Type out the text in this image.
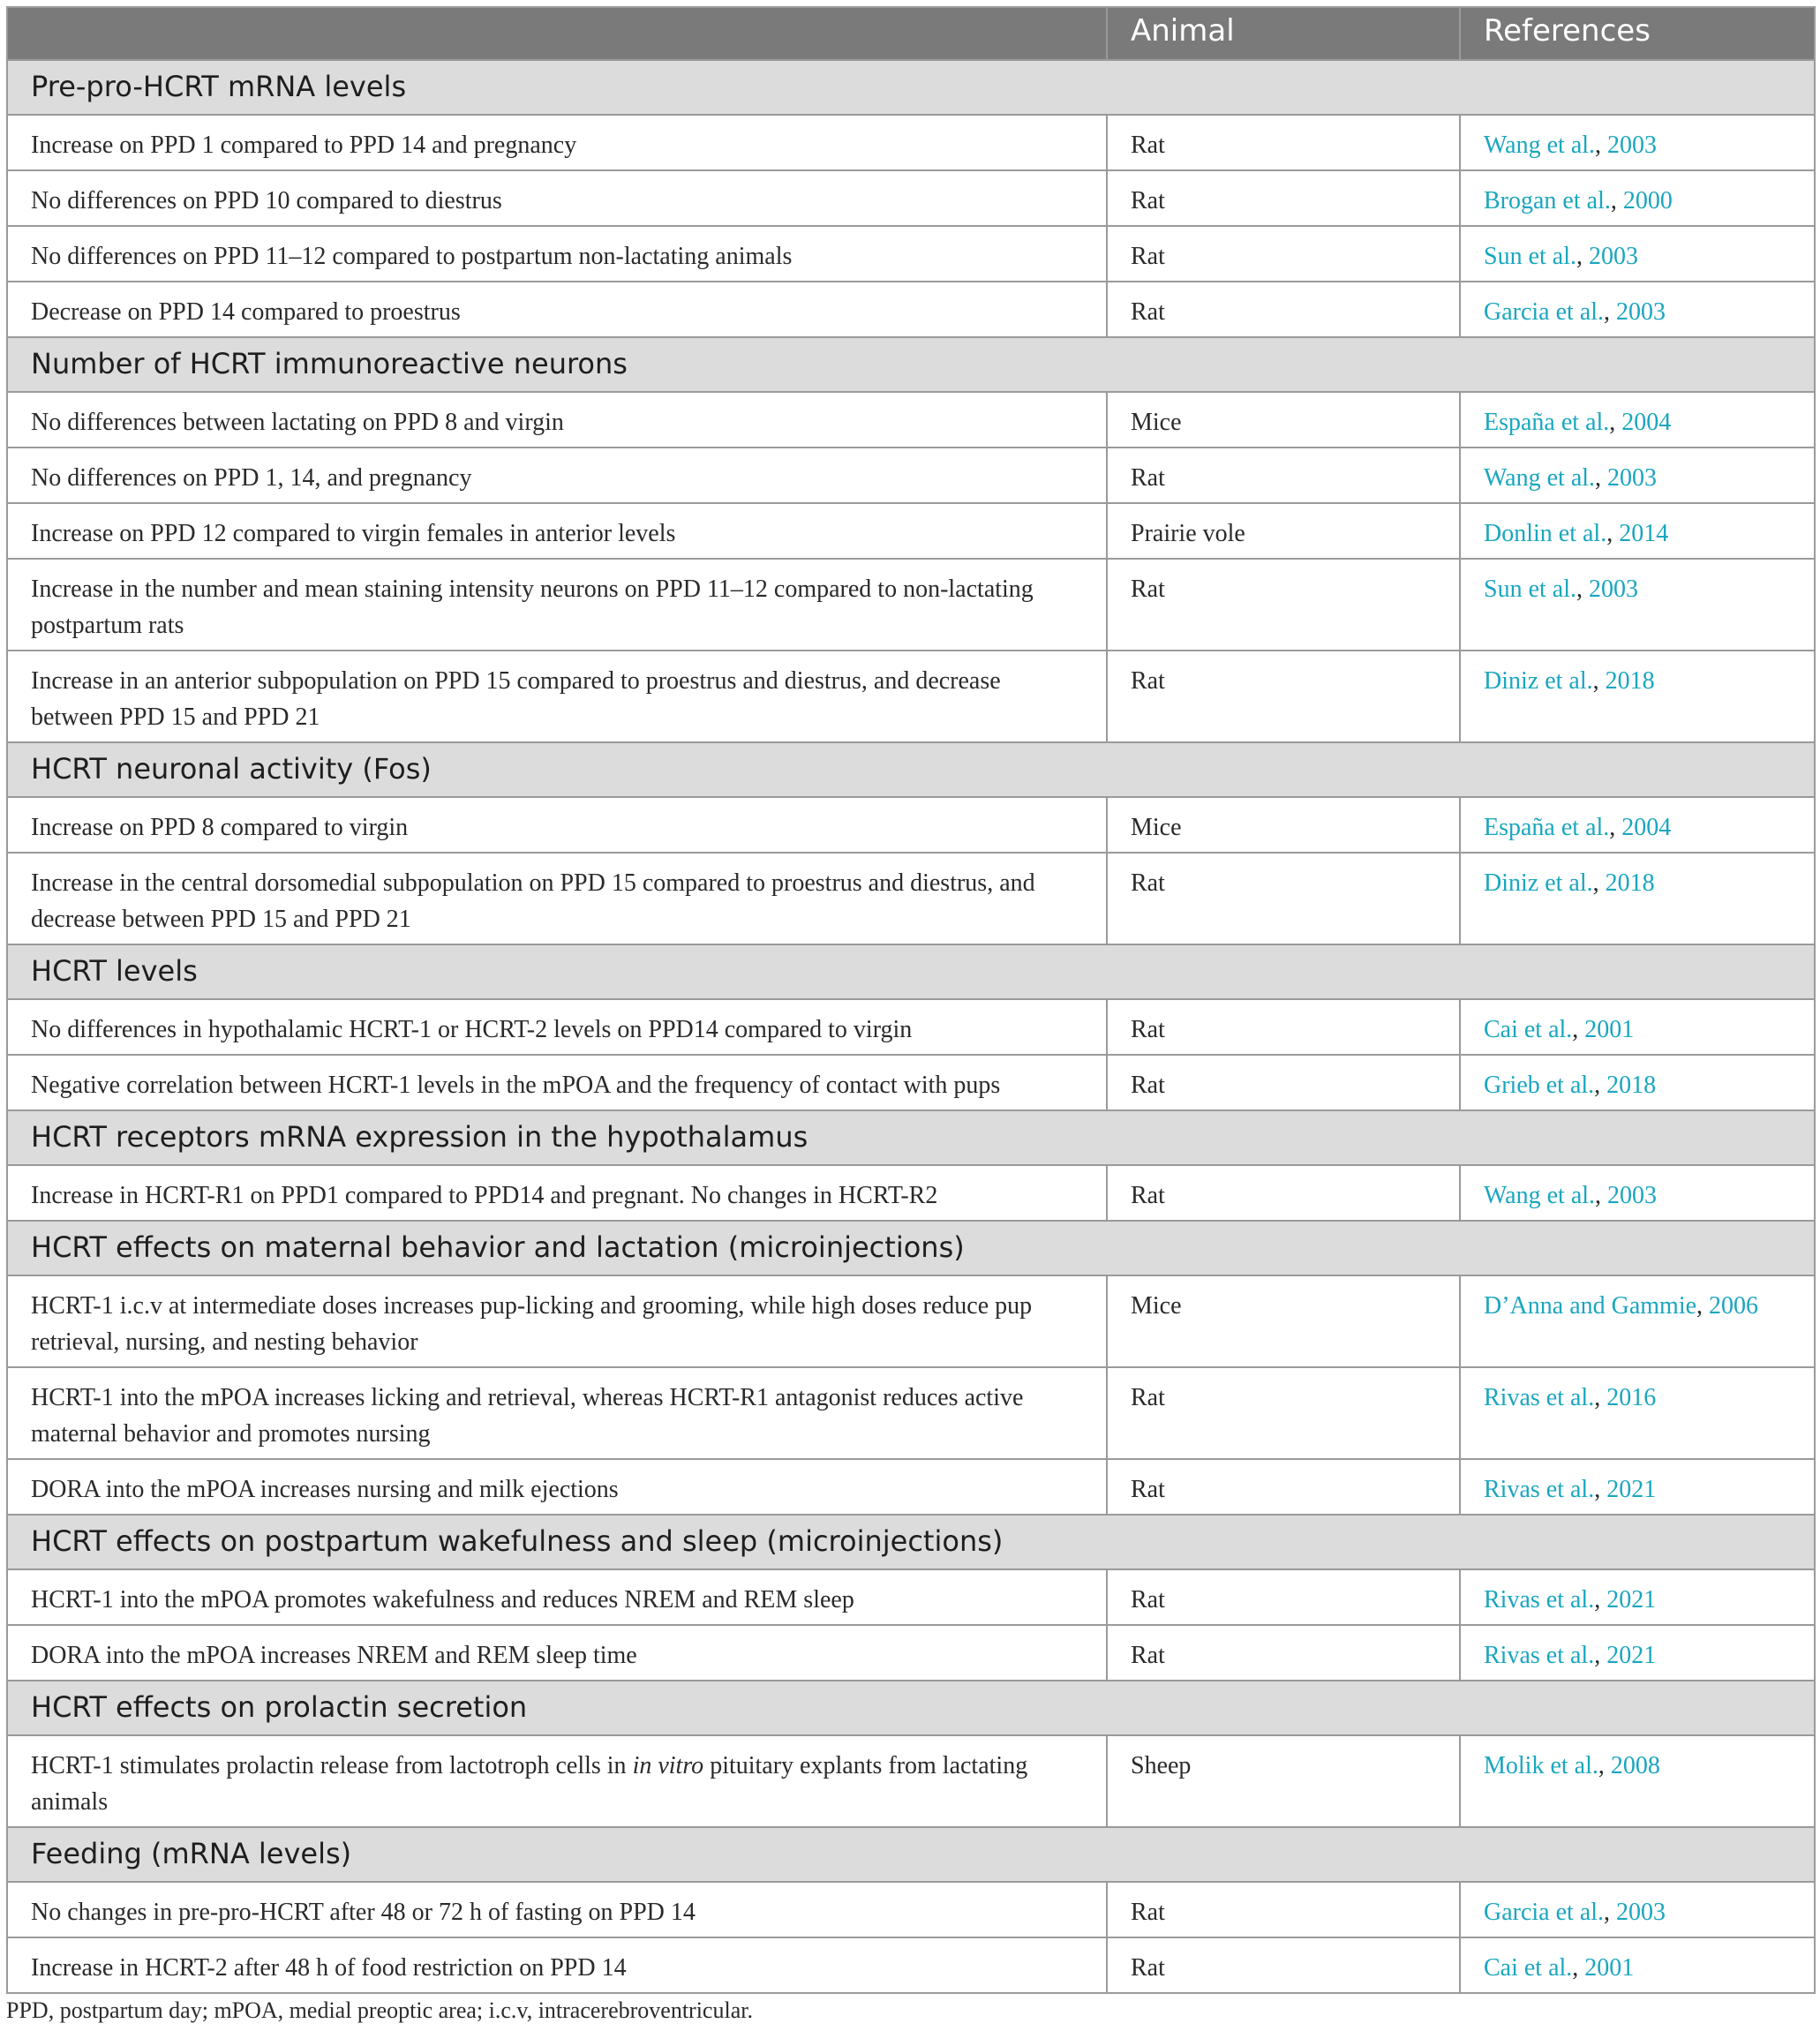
	Animal	References
Pre-pro-HCRT mRNA levels		
Increase on PPD 1 compared to PPD 14 and pregnancy	Rat	Wang et al., 2003
No differences on PPD 10 compared to diestrus	Rat	Brogan et al., 2000
No differences on PPD 11–12 compared to postpartum non-lactating animals	Rat	Sun et al., 2003
Decrease on PPD 14 compared to proestrus	Rat	Garcia et al., 2003
Number of HCRT immunoreactive neurons		
No differences between lactating on PPD 8 and virgin	Mice	España et al., 2004
No differences on PPD 1, 14, and pregnancy	Rat	Wang et al., 2003
Increase on PPD 12 compared to virgin females in anterior levels	Prairie vole	Donlin et al., 2014
Increase in the number and mean staining intensity neurons on PPD 11–12 compared to non-lactating postpartum rats	Rat	Sun et al., 2003
Increase in an anterior subpopulation on PPD 15 compared to proestrus and diestrus, and decrease between PPD 15 and PPD 21	Rat	Diniz et al., 2018
HCRT neuronal activity (Fos)		
Increase on PPD 8 compared to virgin	Mice	España et al., 2004
Increase in the central dorsomedial subpopulation on PPD 15 compared to proestrus and diestrus, and decrease between PPD 15 and PPD 21	Rat	Diniz et al., 2018
HCRT levels		
No differences in hypothalamic HCRT-1 or HCRT-2 levels on PPD14 compared to virgin	Rat	Cai et al., 2001
Negative correlation between HCRT-1 levels in the mPOA and the frequency of contact with pups	Rat	Grieb et al., 2018
HCRT receptors mRNA expression in the hypothalamus		
Increase in HCRT-R1 on PPD1 compared to PPD14 and pregnant. No changes in HCRT-R2	Rat	Wang et al., 2003
HCRT effects on maternal behavior and lactation (microinjections)		
HCRT-1 i.c.v at intermediate doses increases pup-licking and grooming, while high doses reduce pup retrieval, nursing, and nesting behavior	Mice	D’Anna and Gammie, 2006
HCRT-1 into the mPOA increases licking and retrieval, whereas HCRT-R1 antagonist reduces active maternal behavior and promotes nursing	Rat	Rivas et al., 2016
DORA into the mPOA increases nursing and milk ejections	Rat	Rivas et al., 2021
HCRT effects on postpartum wakefulness and sleep (microinjections)		
HCRT-1 into the mPOA promotes wakefulness and reduces NREM and REM sleep	Rat	Rivas et al., 2021
DORA into the mPOA increases NREM and REM sleep time	Rat	Rivas et al., 2021
HCRT effects on prolactin secretion		
HCRT-1 stimulates prolactin release from lactotroph cells in in vitro pituitary explants from lactating animals	Sheep	Molik et al., 2008
Feeding (mRNA levels)		
No changes in pre-pro-HCRT after 48 or 72 h of fasting on PPD 14	Rat	Garcia et al., 2003
Increase in HCRT-2 after 48 h of food restriction on PPD 14	Rat	Cai et al., 2001
PPD, postpartum day; mPOA, medial preoptic area; i.c.v, intracerebroventricular.
